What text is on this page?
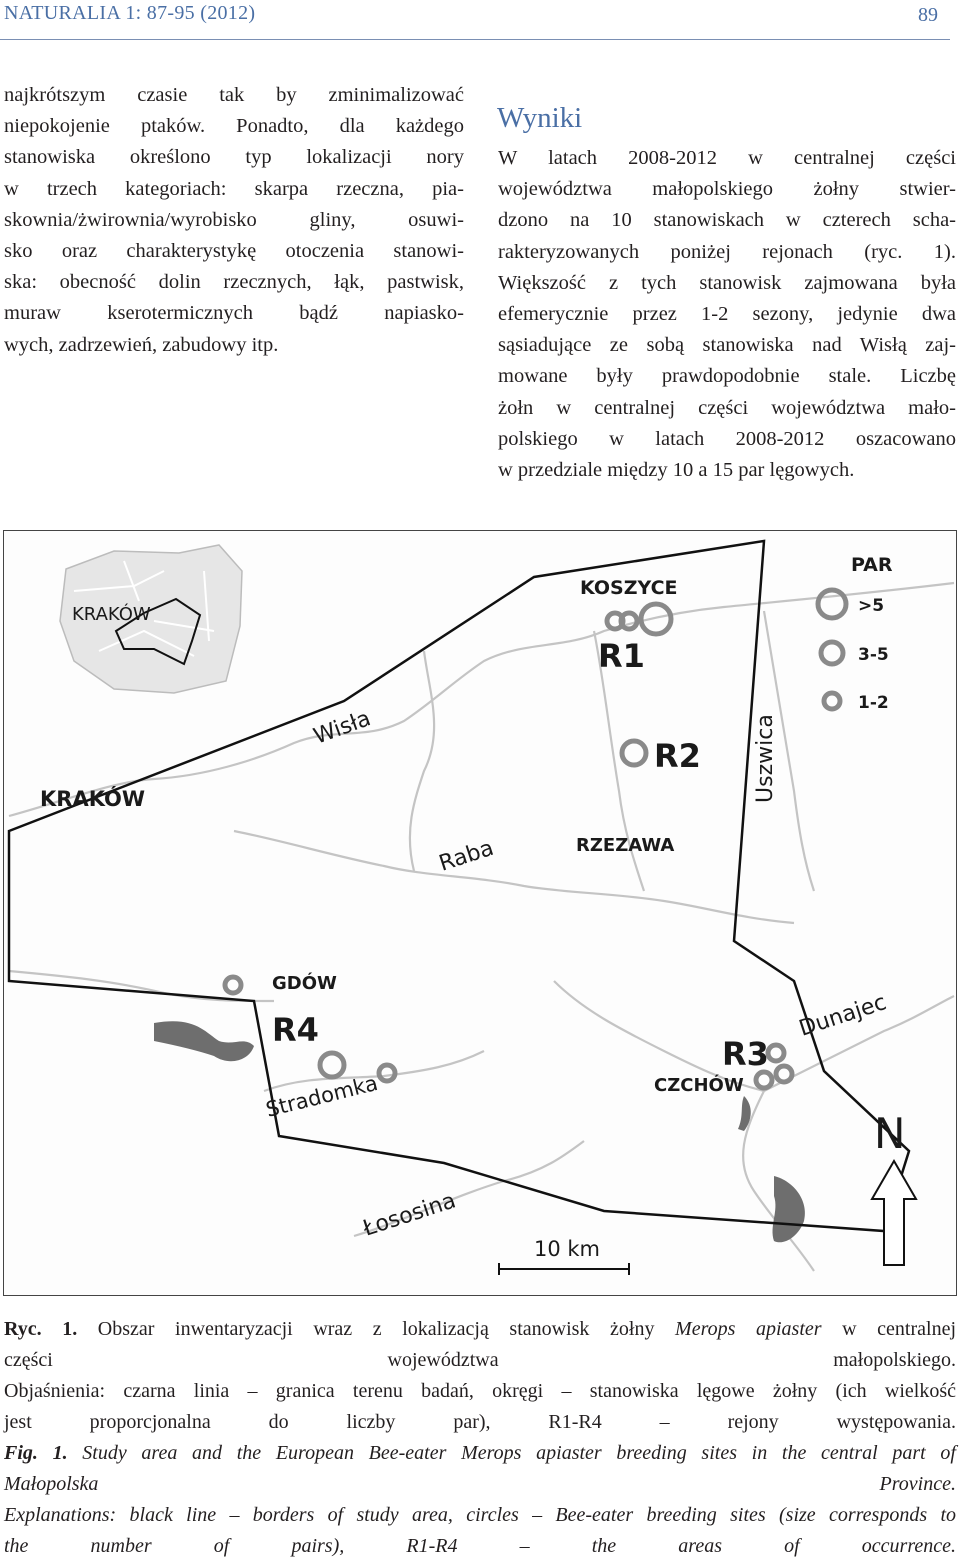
NATURALIA 1: 87-95 (2012)	89
najkrótszym czasie tak by zminimalizować
niepokojenie ptaków. Ponadto, dla każdego
stanowiska określono typ lokalizacji nory
w trzech kategoriach: skarpa rzeczna, pia-
skownia/żwirownia/wyrobisko gliny, osuwi-
sko oraz charakterystykę otoczenia stanowi-
ska: obecność dolin rzecznych, łąk, pastwisk,
muraw kserotermicznych bądź napiasko-
wych, zadrzewień, zabudowy itp.
Wyniki
W latach 2008-2012 w centralnej części
województwa małopolskiego żołny stwier-
dzono na 10 stanowiskach w czterech scha-
rakteryzowanych poniżej rejonach (ryc. 1).
Większość z tych stanowisk zajmowana była
efemerycznie przez 1-2 sezony, jedynie dwa
sąsiadujące ze sobą stanowiska nad Wisłą zaj-
mowane były prawdopodobnie stale. Liczbę
żołn w centralnej części województwa mało-
polskiego w latach 2008-2012 oszacowano
w przedziale między 10 a 15 par lęgowych.
KRAKÓW
PAR
>5
3-5
1-2
KOSZYCE
R1
R2
RZEZAWA
KRAKÓW
Wisła
Raba
Uszwica
GDÓW
R4
Stradomka
R3
CZCHÓW
Dunajec
Łososina
N
10 km
Ryc. 1. Obszar inwentaryzacji wraz z lokalizacją stanowisk żołny Merops apiaster w centralnej
części województwa małopolskiego.
Objaśnienia: czarna linia – granica terenu badań, okręgi – stanowiska lęgowe żołny (ich wielkość
jest proporcjonalna do liczby par), R1-R4 – rejony występowania.
Fig. 1. Study area and the European Bee-eater Merops apiaster breeding sites in the central part of
Małopolska Province.
Explanations: black line – borders of study area, circles – Bee-eater breeding sites (size corresponds to
the number of pairs), R1-R4 – the areas of occurrence.
